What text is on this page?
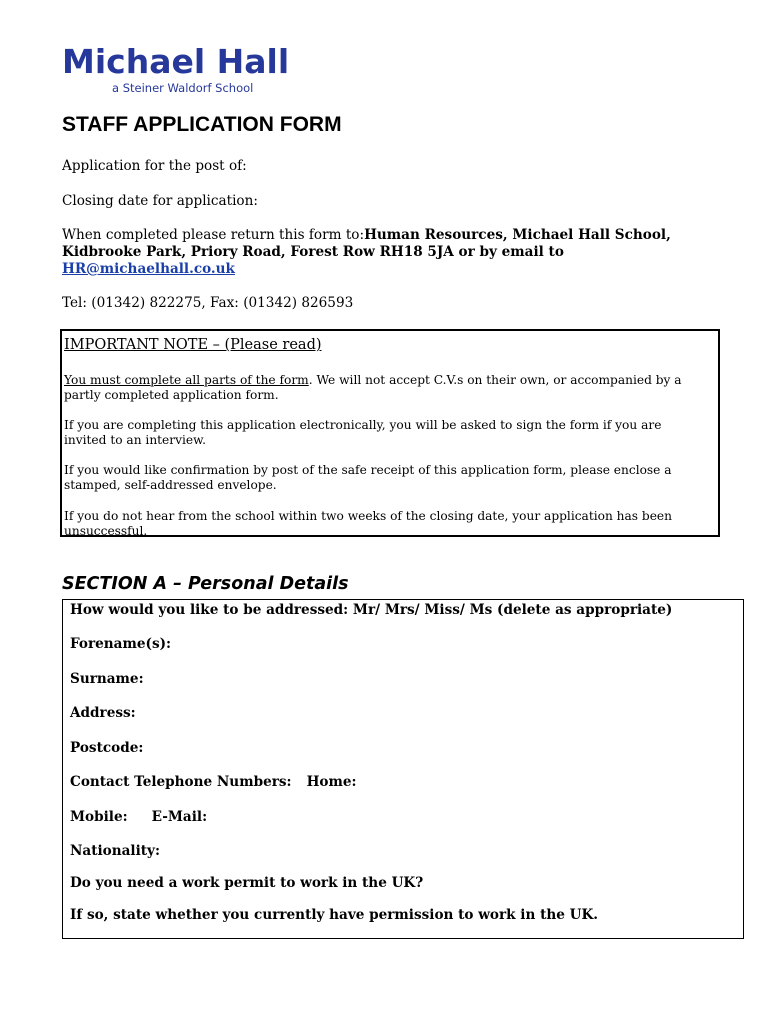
Michael Hall
a Steiner Waldorf School
STAFF APPLICATION FORM
Application for the post of:
Closing date for application:
When completed please return this form to:Human Resources, Michael Hall School,
Kidbrooke Park, Priory Road, Forest Row RH18 5JA or by email to
HR@michaelhall.co.uk
Tel: (01342) 822275, Fax: (01342) 826593
IMPORTANT NOTE – (Please read)
You must complete all parts of the form. We will not accept C.V.s on their own, or accompanied by a
partly completed application form.
If you are completing this application electronically, you will be asked to sign the form if you are
invited to an interview.
If you would like confirmation by post of the safe receipt of this application form, please enclose a
stamped, self-addressed envelope.
If you do not hear from the school within two weeks of the closing date, your application has been
unsuccessful.
SECTION A – Personal Details
How would you like to be addressed: Mr/ Mrs/ Miss/ Ms (delete as appropriate)
Forename(s):
Surname:
Address:
Postcode:
Contact Telephone Numbers: Home:
Mobile: E-Mail:
Nationality:
Do you need a work permit to work in the UK?
If so, state whether you currently have permission to work in the UK.
